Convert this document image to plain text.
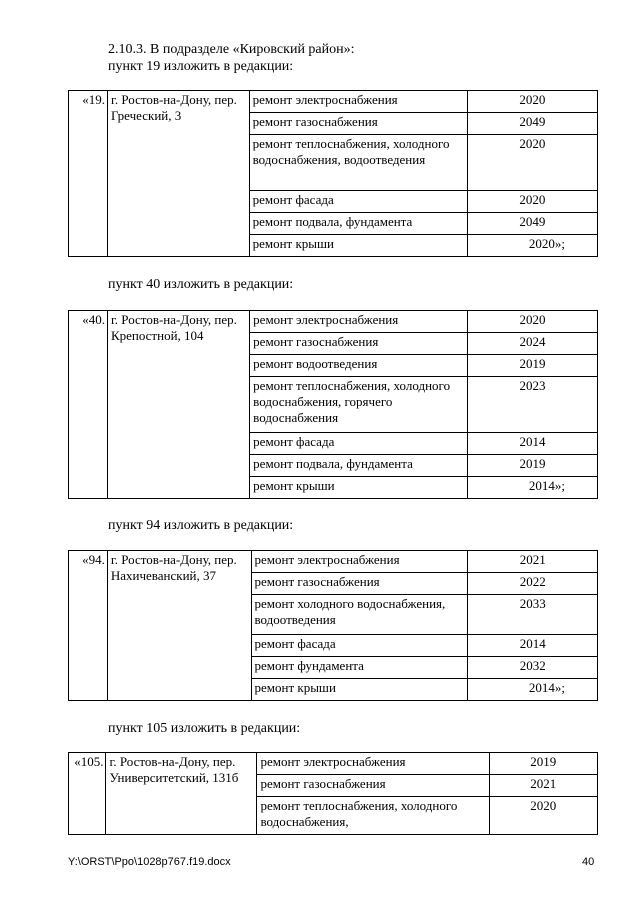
2.10.3. В подразделе «Кировский район»:
пункт 19 изложить в редакции:
«19.	г. Ростов-на-Дону, пер. Греческий, 3	ремонт электроснабжения	2020
		ремонт газоснабжения	2049
		ремонт теплоснабжения, холодного водоснабжения, водоотведения	2020
		ремонт фасада	2020
		ремонт подвала, фундамента	2049
		ремонт крыши	2020»;
пункт 40 изложить в редакции:
«40.	г. Ростов-на-Дону, пер. Крепостной, 104	ремонт электроснабжения	2020
		ремонт газоснабжения	2024
		ремонт водоотведения	2019
		ремонт теплоснабжения, холодного водоснабжения, горячего водоснабжения	2023
		ремонт фасада	2014
		ремонт подвала, фундамента	2019
		ремонт крыши	2014»;
пункт 94 изложить в редакции:
«94.	г. Ростов-на-Дону, пер. Нахичеванский, 37	ремонт электроснабжения	2021
		ремонт газоснабжения	2022
		ремонт холодного водоснабжения, водоотведения	2033
		ремонт фасада	2014
		ремонт фундамента	2032
		ремонт крыши	2014»;
пункт 105 изложить в редакции:
«105.	г. Ростов-на-Дону, пер. Университетский, 131б	ремонт электроснабжения	2019
		ремонт газоснабжения	2021
		ремонт теплоснабжения, холодного водоснабжения,	2020
Y:\ORST\Ppo\1028p767.f19.docx	40
